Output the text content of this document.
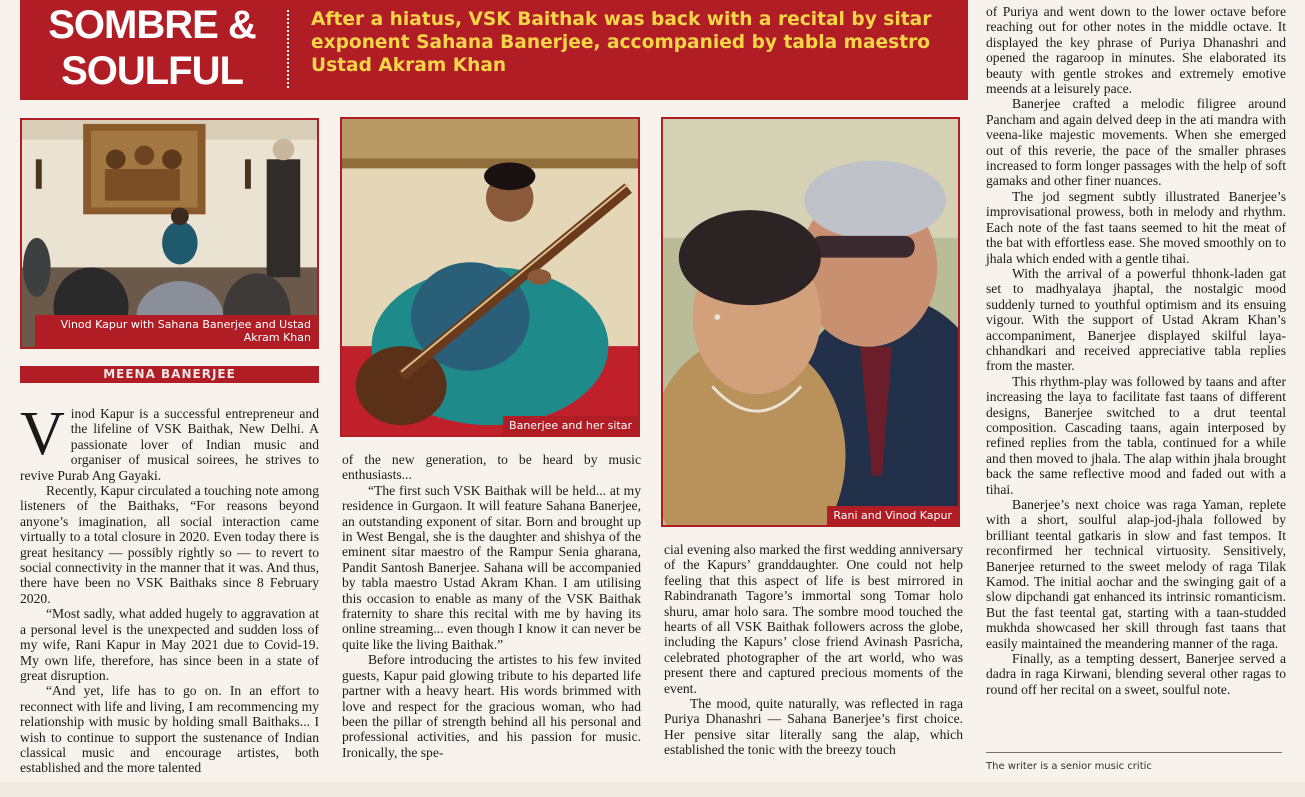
SOMBRE &
SOULFUL
After a hiatus, VSK Baithak was back with a recital by sitar exponent Sahana Banerjee, accompanied by tabla maestro Ustad Akram Khan
Vinod Kapur with Sahana Banerjee and Ustad Akram Khan
Banerjee and her sitar
Rani and Vinod Kapur
MEENA BANERJEE

Vinod Kapur is a successful entrepreneur and the lifeline of VSK Baithak, New Delhi. A passionate lover of Indian music and organiser of musical soirees, he strives to revive Purab Ang Gayaki.

Recently, Kapur circulated a touching note among listeners of the Baithaks, “For reasons beyond anyone’s imagination, all social interaction came virtually to a total closure in 2020. Even today there is great hesitancy — possibly rightly so — to revert to social connectivity in the manner that it was. And thus, there have been no VSK Baithaks since 8 February 2020.

“Most sadly, what added hugely to aggravation at a personal level is the unexpected and sudden loss of my wife, Rani Kapur in May 2021 due to Covid-19. My own life, therefore, has since been in a state of great disruption.

“And yet, life has to go on. In an effort to reconnect with life and living, I am recommencing my relationship with music by holding small Baithaks... I wish to continue to support the sustenance of Indian classical music and encourage artistes, both established and the more talented

of the new generation, to be heard by music enthusiasts...

“The first such VSK Baithak will be held... at my residence in Gurgaon. It will feature Sahana Banerjee, an outstanding exponent of sitar. Born and brought up in West Bengal, she is the daughter and shishya of the eminent sitar maestro of the Rampur Senia gharana, Pandit Santosh Banerjee. Sahana will be accompanied by tabla maestro Ustad Akram Khan. I am utilising this occasion to enable as many of the VSK Baithak fraternity to share this recital with me by having its online streaming... even though I know it can never be quite like the living Baithak.”

Before introducing the artistes to his few invited guests, Kapur paid glowing tribute to his departed life partner with a heavy heart. His words brimmed with love and respect for the gracious woman, who had been the pillar of strength behind all his personal and professional activities, and his passion for music. Ironically, the spe-

cial evening also marked the first wedding anniversary of the Kapurs’ granddaughter. One could not help feeling that this aspect of life is best mirrored in Rabindranath Tagore’s immortal song Tomar holo shuru, amar holo sara. The sombre mood touched the hearts of all VSK Baithak followers across the globe, including the Kapurs’ close friend Avinash Pasricha, celebrated photographer of the art world, who was present there and captured precious moments of the event.

The mood, quite naturally, was reflected in raga Puriya Dhanashri — Sahana Banerjee’s first choice. Her pensive sitar literally sang the alap, which established the tonic with the breezy touch

of Puriya and went down to the lower octave before reaching out for other notes in the middle octave. It displayed the key phrase of Puriya Dhanashri and opened the ragaroop in minutes. She elaborated its beauty with gentle strokes and extremely emotive meends at a leisurely pace.

Banerjee crafted a melodic filigree around Pancham and again delved deep in the ati mandra with veena-like majestic movements. When she emerged out of this reverie, the pace of the smaller phrases increased to form longer passages with the help of soft gamaks and other finer nuances.

The jod segment subtly illustrated Banerjee’s improvisational prowess, both in melody and rhythm. Each note of the fast taans seemed to hit the meat of the bat with effortless ease. She moved smoothly on to jhala which ended with a gentle tihai.

With the arrival of a powerful thhonk-laden gat set to madhyalaya jhaptal, the nostalgic mood suddenly turned to youthful optimism and its ensuing vigour. With the support of Ustad Akram Khan’s accompaniment, Banerjee displayed skilful laya-chhandkari and received appreciative tabla replies from the master.

This rhythm-play was followed by taans and after increasing the laya to facilitate fast taans of different designs, Banerjee switched to a drut teental composition. Cascading taans, again interposed by refined replies from the tabla, continued for a while and then moved to jhala. The alap within jhala brought back the same reflective mood and faded out with a tihai.

Banerjee’s next choice was raga Yaman, replete with a short, soulful alap-jod-jhala followed by brilliant teental gatkaris in slow and fast tempos. It reconfirmed her technical virtuosity. Sensitively, Banerjee returned to the sweet melody of raga Tilak Kamod. The initial aochar and the swinging gait of a slow dipchandi gat enhanced its intrinsic romanticism. But the fast teental gat, starting with a taan-studded mukhda showcased her skill through fast taans that easily maintained the meandering manner of the raga.

Finally, as a tempting dessert, Banerjee served a dadra in raga Kirwani, blending several other ragas to round off her recital on a sweet, soulful note.

The writer is a senior music critic
